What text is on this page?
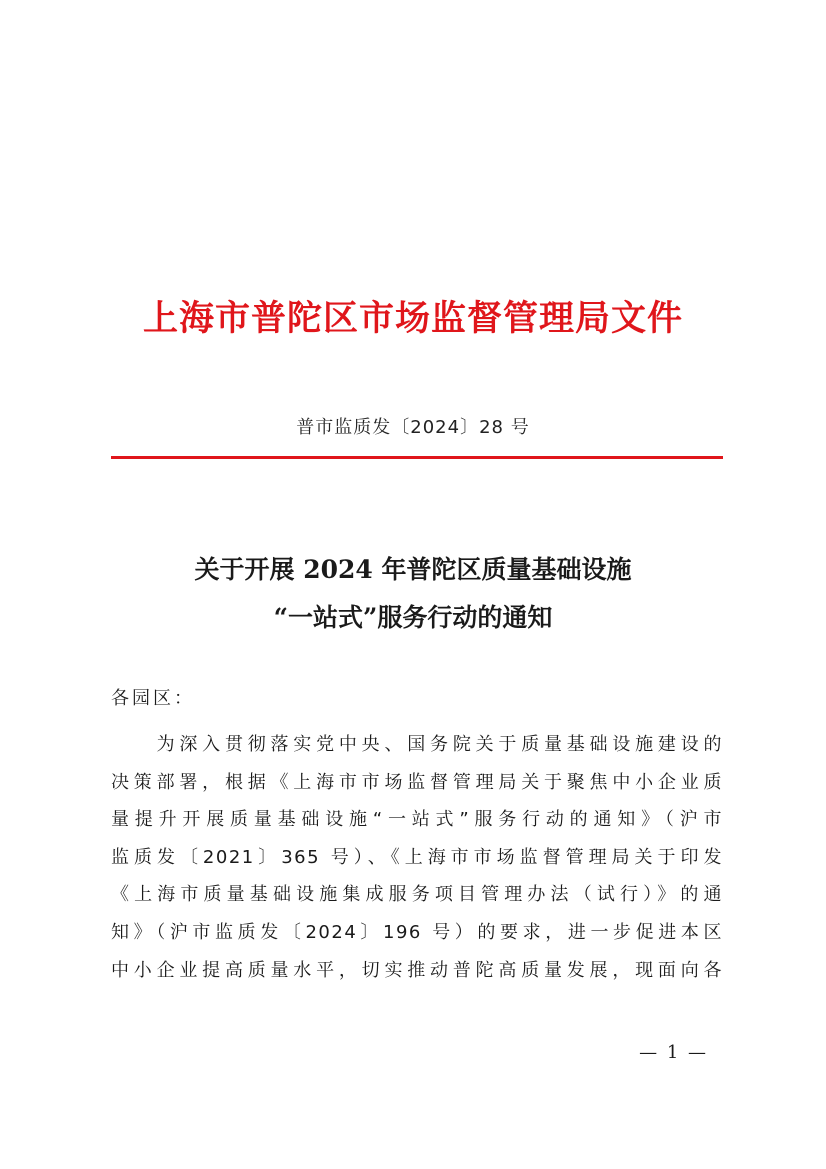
上海市普陀区市场监督管理局文件
普市监质发〔2024〕28 号
关于开展 2024 年普陀区质量基础设施
“一站式”服务行动的通知
各园区：
　　为深入贯彻落实党中央、国务院关于质量基础设施建设的
决策部署，根据《上海市市场监督管理局关于聚焦中小企业质
量提升开展质量基础设施“一站式”服务行动的通知》（沪市
监质发〔2021〕365 号）、《上海市市场监督管理局关于印发
《上海市质量基础设施集成服务项目管理办法（试行）》的通
知》（沪市监质发〔2024〕196 号）的要求，进一步促进本区
中小企业提高质量水平，切实推动普陀高质量发展，现面向各
— 1 —
